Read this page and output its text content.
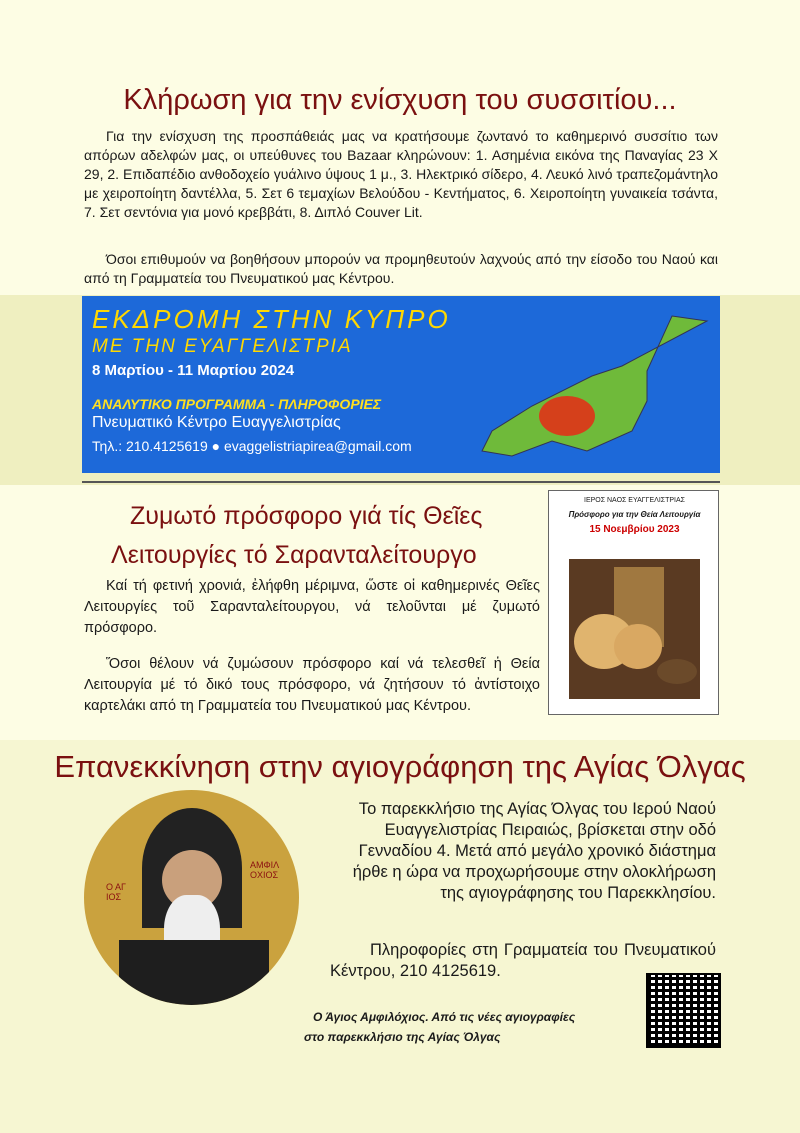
Κλήρωση για την ενίσχυση του συσσιτίου...
Για την ενίσχυση της προσπάθειάς μας να κρατήσουμε ζωντανό το καθημερινό συσσίτιο των απόρων αδελφών μας, οι υπεύθυνες του Bazaar κληρώνουν: 1. Ασημένια εικόνα της Παναγίας 23 Χ 29, 2. Επιδαπέδιο ανθοδοχείο γυάλινο ύψους 1 μ., 3. Ηλεκτρικό σίδερο, 4. Λευκό λινό τραπεζομάντηλο με χειροποίητη δαντέλλα, 5. Σετ 6 τεμαχίων Βελούδου - Κεντήματος, 6. Χειροποίητη γυναικεία τσάντα, 7. Σετ σεντόνια για μονό κρεββάτι, 8. Διπλό Couver Lit.
Όσοι επιθυμούν να βοηθήσουν μπορούν να προμηθευτούν λαχνούς από την είσοδο του Ναού και από τη Γραμματεία του Πνευματικού μας Κέντρου.
ΕΚΔΡΟΜΗ ΣΤΗΝ ΚΥΠΡΟ
ΜΕ ΤΗΝ ΕΥΑΓΓΕΛΙΣΤΡΙΑ
8 Μαρτίου - 11 Μαρτίου 2024
ΑΝΑΛΥΤΙΚΟ ΠΡΟΓΡΑΜΜΑ - ΠΛΗΡΟΦΟΡΙΕΣ
Πνευματικό Κέντρο Ευαγγελιστρίας
Τηλ.: 210.4125619 ● evaggelistriapirea@gmail.com
Ζυμωτό πρόσφορο γιά τίς Θεῖες
Λειτουργίες τό Σαρανταλείτουργο
Καί τή φετινή χρονιά, ἐλήφθη μέριμνα, ὥστε οἱ καθημερινές Θεῖες Λειτουργίες τοῦ Σαρανταλείτουργου, νά τελοῦνται μέ ζυμωτό πρόσφορο.
Ὅσοι θέλουν νά ζυμώσουν πρόσφορο καί νά τελεσθεῖ ἡ Θεία Λειτουργία μέ τό δικό τους πρόσφορο, νά ζητήσουν τό ἀντίστοιχο καρτελάκι από τη Γραμματεία του Πνευματικού μας Κέντρου.
ΙΕΡΟΣ ΝΑΟΣ ΕΥΑΓΓΕΛΙΣΤΡΙΑΣ
Πρόσφορο για την Θεία Λειτουργία
15 Νοεμβρίου 2023
Επανεκκίνηση στην αγιογράφηση της Αγίας Όλγας
Ο ΑΓΙΟΣ
ΑΜΦΙΛΟΧΙΟΣ
Το παρεκκλήσιο της Αγίας Όλγας του Ιερού Ναού Ευαγγελιστρίας Πειραιώς, βρίσκεται στην οδό Γενναδίου 4. Μετά από μεγάλο χρονικό διάστημα ήρθε η ώρα να προχωρήσουμε στην ολοκλήρωση της αγιογράφησης του Παρεκκλησίου.
Πληροφορίες στη Γραμματεία του Πνευματικού Κέντρου, 210 4125619.
Ο Άγιος Αμφιλόχιος. Από τις νέες αγιογραφίες
στο παρεκκλήσιο της Αγίας Όλγας
